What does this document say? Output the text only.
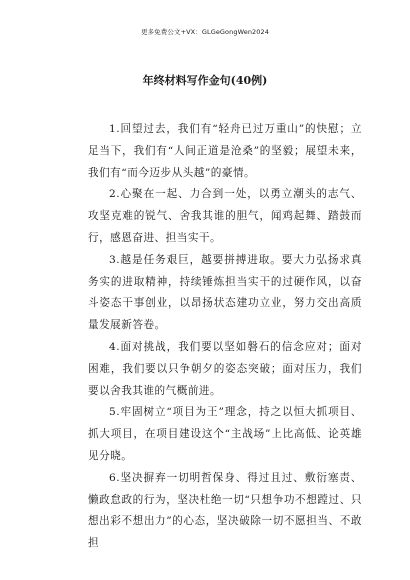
更多免费公文+VX：GLGeGongWen2024
年终材料写作金句(40例)

1.回望过去，我们有“轻舟已过万重山”的快慰；立足当下，我们有“人间正道是沧桑”的坚毅；展望未来，我们有“而今迈步从头越”的豪情。

2.心聚在一起、力合到一处，以勇立潮头的志气、攻坚克难的锐气、舍我其谁的胆气，闻鸡起舞、踏鼓而行，感恩奋进、担当实干。

3.越是任务艰巨，越要拼搏进取。要大力弘扬求真务实的进取精神，持续锤炼担当实干的过硬作风，以奋斗姿态干事创业，以昂扬状态建功立业，努力交出高质量发展新答卷。

4.面对挑战，我们要以坚如磐石的信念应对；面对困难，我们要以只争朝夕的姿态突破；面对压力，我们要以舍我其谁的气概前进。

5.牢固树立“项目为王”理念，持之以恒大抓项目、抓大项目，在项目建设这个“主战场”上比高低、论英雄见分晓。

6.坚决摒弃一切明哲保身、得过且过、敷衍塞责、懒政怠政的行为，坚决杜绝一切“只想争功不想蹚过、只想出彩不想出力”的心态，坚决破除一切不愿担当、不敢担
